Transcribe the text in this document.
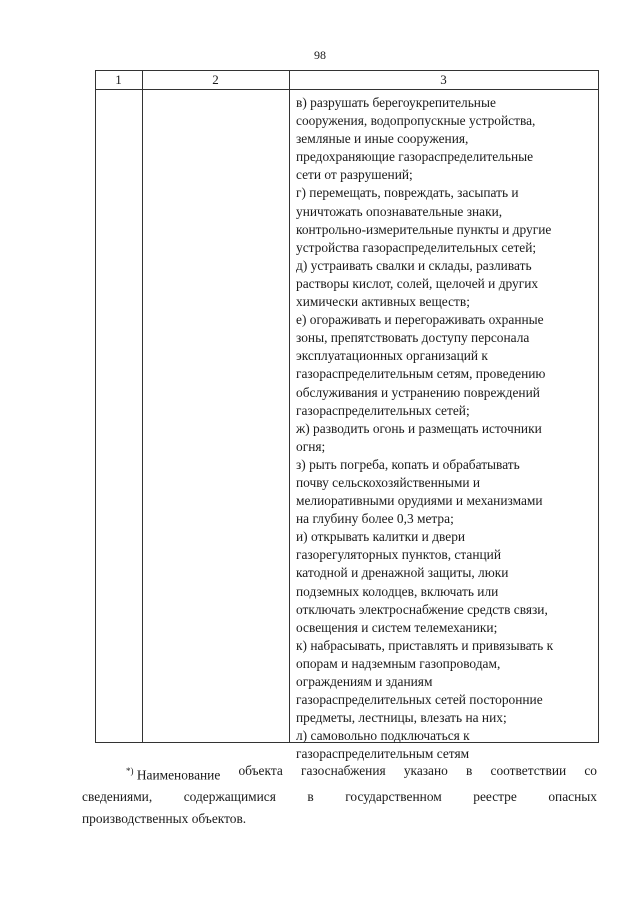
98
1	2	3
в) разрушать берегоукрепительные
сооружения, водопропускные устройства,
земляные и иные сооружения,
предохраняющие газораспределительные
сети от разрушений;
г) перемещать, повреждать, засыпать и
уничтожать опознавательные знаки,
контрольно-измерительные пункты и другие
устройства газораспределительных сетей;
д) устраивать свалки и склады, разливать
растворы кислот, солей, щелочей и других
химически активных веществ;
е) огораживать и перегораживать охранные
зоны, препятствовать доступу персонала
эксплуатационных организаций к
газораспределительным сетям, проведению
обслуживания и устранению повреждений
газораспределительных сетей;
ж) разводить огонь и размещать источники
огня;
з) рыть погреба, копать и обрабатывать
почву сельскохозяйственными и
мелиоративными орудиями и механизмами
на глубину более 0,3 метра;
и) открывать калитки и двери
газорегуляторных пунктов, станций
катодной и дренажной защиты, люки
подземных колодцев, включать или
отключать электроснабжение средств связи,
освещения и систем телемеханики;
к) набрасывать, приставлять и привязывать к
опорам и надземным газопроводам,
ограждениям и зданиям
газораспределительных сетей посторонние
предметы, лестницы, влезать на них;
л) самовольно подключаться к
газораспределительным сетям
*) Наименование объекта газоснабжения указано в соответствии со
сведениями, содержащимися в государственном реестре опасных
производственных объектов.
